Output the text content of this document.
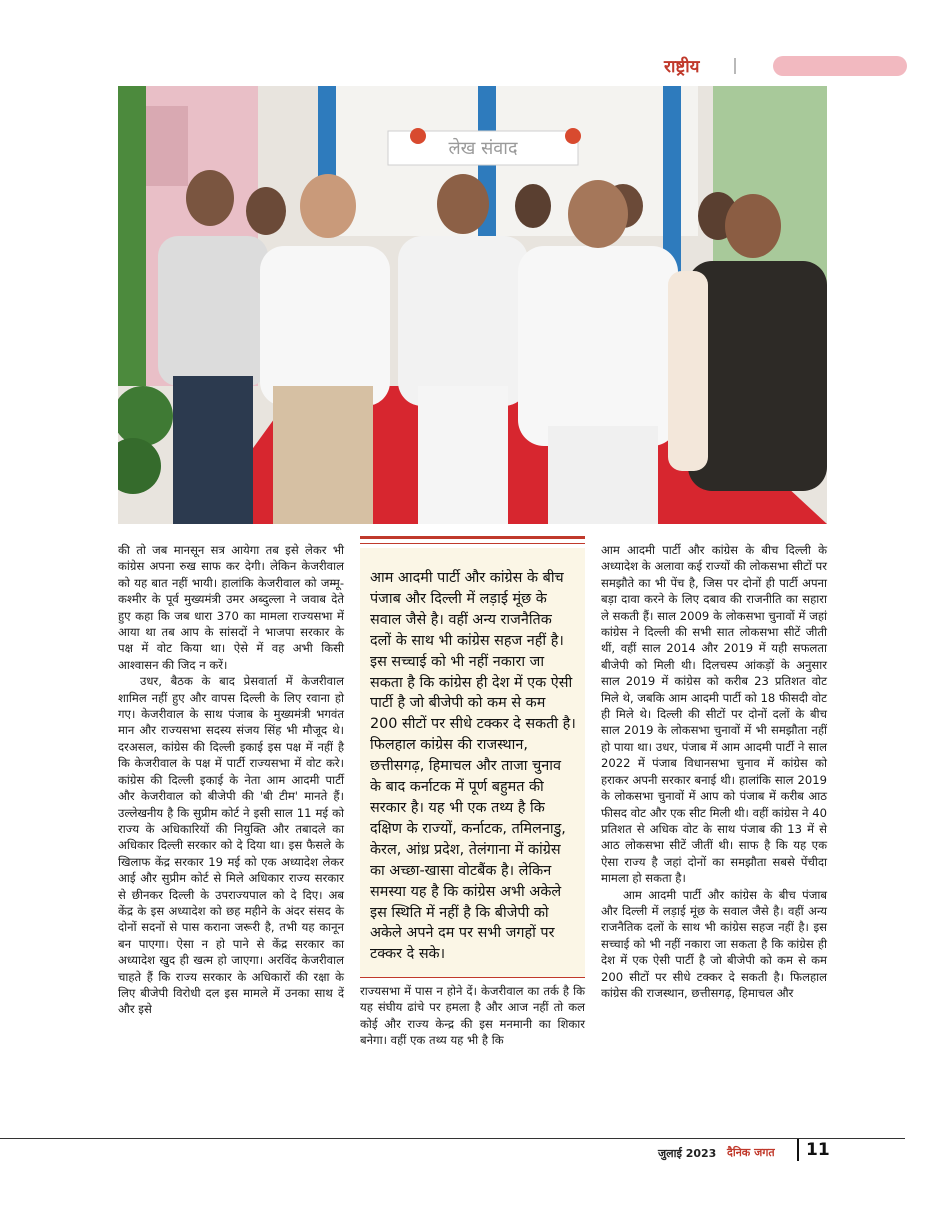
राष्ट्रीय
लेख संवाद

की तो जब मानसून सत्र आयेगा तब इसे लेकर भी कांग्रेस अपना रुख साफ कर देगी। लेकिन केजरीवाल को यह बात नहीं भायी। हालांकि केजरीवाल को जम्मू-कश्मीर के पूर्व मुख्यमंत्री उमर अब्दुल्ला ने जवाब देते हुए कहा कि जब धारा 370 का मामला राज्यसभा में आया था तब आप के सांसदों ने भाजपा सरकार के पक्ष में वोट किया था। ऐसे में वह अभी किसी आश्वासन की जिद न करें।

उधर, बैठक के बाद प्रेसवार्ता में केजरीवाल शामिल नहीं हुए और वापस दिल्ली के लिए रवाना हो गए। केजरीवाल के साथ पंजाब के मुख्यमंत्री भगवंत मान और राज्यसभा सदस्य संजय सिंह भी मौजूद थे। दरअसल, कांग्रेस की दिल्ली इकाई इस पक्ष में नहीं है कि केजरीवाल के पक्ष में पार्टी राज्यसभा में वोट करे। कांग्रेस की दिल्ली इकाई के नेता आम आदमी पार्टी और केजरीवाल को बीजेपी की 'बी टीम' मानते हैं। उल्लेखनीय है कि सुप्रीम कोर्ट ने इसी साल 11 मई को राज्य के अधिकारियों की नियुक्ति और तबादले का अधिकार दिल्ली सरकार को दे दिया था। इस फैसले के खिलाफ केंद्र सरकार 19 मई को एक अध्यादेश लेकर आई और सुप्रीम कोर्ट से मिले अधिकार राज्य सरकार से छीनकर दिल्ली के उपराज्यपाल को दे दिए। अब केंद्र के इस अध्यादेश को छह महीने के अंदर संसद के दोनों सदनों से पास कराना जरूरी है, तभी यह कानून बन पाएगा। ऐसा न हो पाने से केंद्र सरकार का अध्यादेश खुद ही खत्म हो जाएगा। अरविंद केजरीवाल चाहते हैं कि राज्य सरकार के अधिकारों की रक्षा के लिए बीजेपी विरोधी दल इस मामले में उनका साथ दें और इसे

आम आदमी पार्टी और कांग्रेस के बीच पंजाब और दिल्ली में लड़ाई मूंछ के सवाल जैसे है। वहीं अन्य राजनैतिक दलों के साथ भी कांग्रेस सहज नहीं है। इस सच्चाई को भी नहीं नकारा जा सकता है कि कांग्रेस ही देश में एक ऐसी पार्टी है जो बीजेपी को कम से कम 200 सीटों पर सीधे टक्कर दे सकती है। फिलहाल कांग्रेस की राजस्थान, छत्तीसगढ़, हिमाचल और ताजा चुनाव के बाद कर्नाटक में पूर्ण बहुमत की सरकार है। यह भी एक तथ्य है कि दक्षिण के राज्यों, कर्नाटक, तमिलनाडु, केरल, आंध्र प्रदेश, तेलंगाना में कांग्रेस का अच्छा-खासा वोटबैंक है। लेकिन समस्या यह है कि कांग्रेस अभी अकेले इस स्थिति में नहीं है कि बीजेपी को अकेले अपने दम पर सभी जगहों पर टक्कर दे सके।

राज्यसभा में पास न होने दें। केजरीवाल का तर्क है कि यह संघीय ढांचे पर हमला है और आज नहीं तो कल कोई और राज्य केन्द्र की इस मनमानी का शिकार बनेगा। वहीं एक तथ्य यह भी है कि

आम आदमी पार्टी और कांग्रेस के बीच दिल्ली के अध्यादेश के अलावा कई राज्यों की लोकसभा सीटों पर समझौते का भी पेंच है, जिस पर दोनों ही पार्टी अपना बड़ा दावा करने के लिए दबाव की राजनीति का सहारा ले सकती हैं। साल 2009 के लोकसभा चुनावों में जहां कांग्रेस ने दिल्ली की सभी सात लोकसभा सीटें जीती थीं, वहीं साल 2014 और 2019 में यही सफलता बीजेपी को मिली थी। दिलचस्प आंकड़ों के अनुसार साल 2019 में कांग्रेस को करीब 23 प्रतिशत वोट मिले थे, जबकि आम आदमी पार्टी को 18 फीसदी वोट ही मिले थे। दिल्ली की सीटों पर दोनों दलों के बीच साल 2019 के लोकसभा चुनावों में भी समझौता नहीं हो पाया था। उधर, पंजाब में आम आदमी पार्टी ने साल 2022 में पंजाब विधानसभा चुनाव में कांग्रेस को हराकर अपनी सरकार बनाई थी। हालांकि साल 2019 के लोकसभा चुनावों में आप को पंजाब में करीब आठ फीसद वोट और एक सीट मिली थी। वहीं कांग्रेस ने 40 प्रतिशत से अधिक वोट के साथ पंजाब की 13 में से आठ लोकसभा सीटें जीतीं थी। साफ है कि यह एक ऐसा राज्य है जहां दोनों का समझौता सबसे पेंचीदा मामला हो सकता है।

आम आदमी पार्टी और कांग्रेस के बीच पंजाब और दिल्ली में लड़ाई मूंछ के सवाल जैसे है। वहीं अन्य राजनैतिक दलों के साथ भी कांग्रेस सहज नहीं है। इस सच्चाई को भी नहीं नकारा जा सकता है कि कांग्रेस ही देश में एक ऐसी पार्टी है जो बीजेपी को कम से कम 200 सीटों पर सीधे टक्कर दे सकती है। फिलहाल कांग्रेस की राजस्थान, छत्तीसगढ़, हिमाचल और

जुलाई 2023 दैनिक जगत 11
